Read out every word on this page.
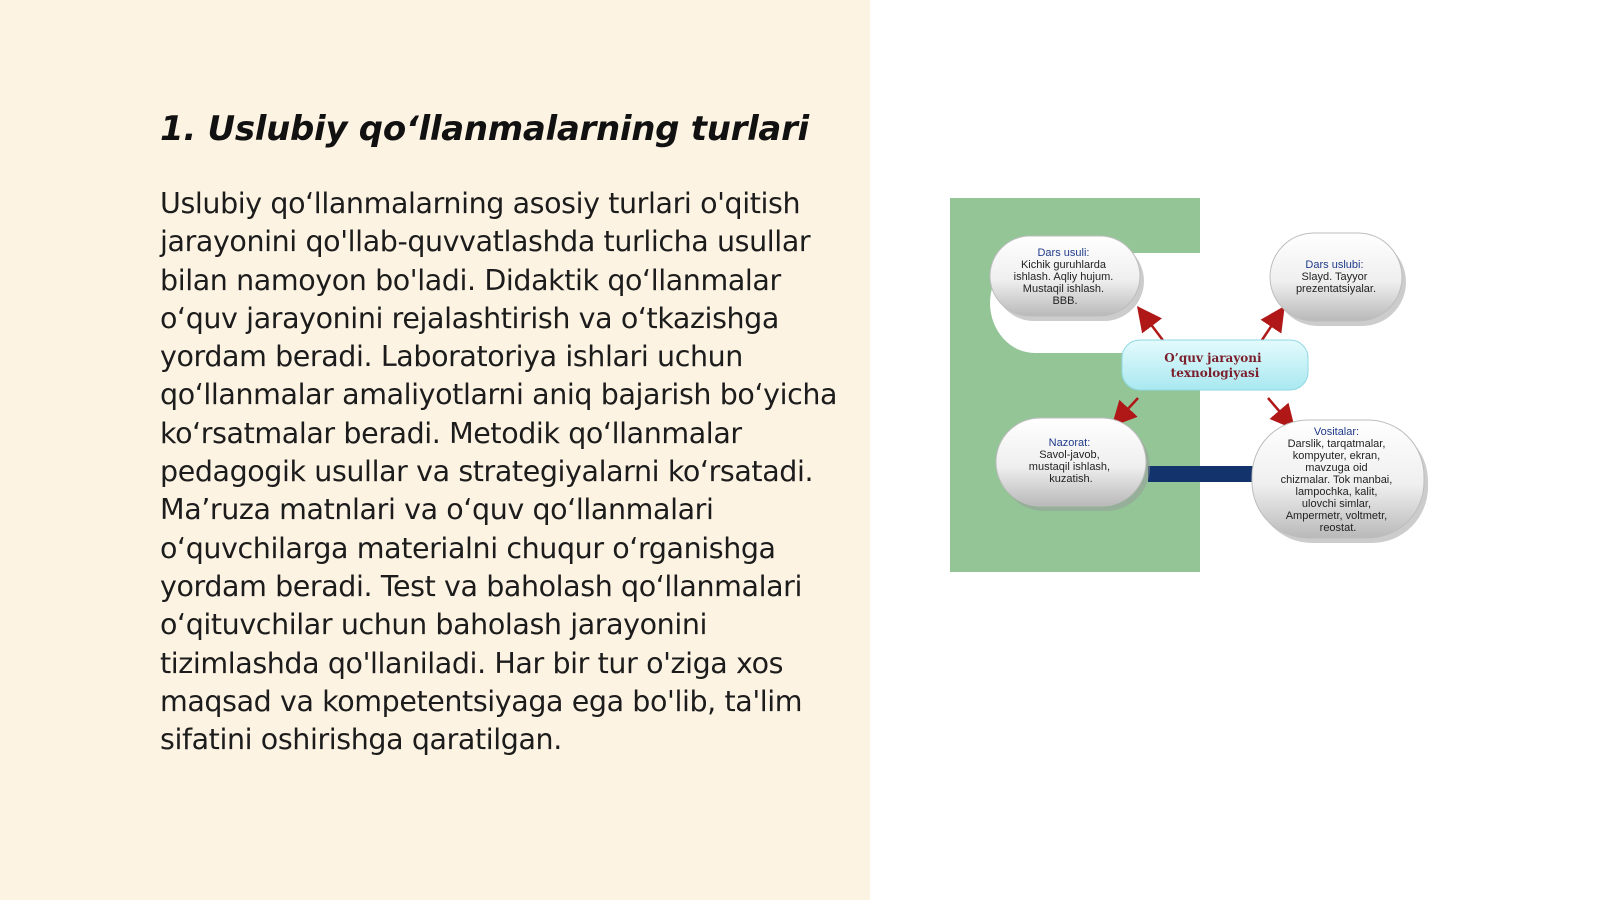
1. Uslubiy qo‘llanmalarning turlari

Uslubiy qo‘llanmalarning asosiy turlari o'qitish jarayonini qo'llab-quvvatlashda turlicha usullar bilan namoyon bo'ladi. Didaktik qo‘llanmalar o‘quv jarayonini rejalashtirish va o‘tkazishga yordam beradi. Laboratoriya ishlari uchun qo‘llanmalar amaliyotlarni aniq bajarish bo‘yicha ko‘rsatmalar beradi. Metodik qo‘llanmalar pedagogik usullar va strategiyalarni ko‘rsatadi. Ma’ruza matnlari va o‘quv qo‘llanmalari o‘quvchilarga materialni chuqur o‘rganishga yordam beradi. Test va baholash qo‘llanmalari o‘qituvchilar uchun baholash jarayonini tizimlashda qo'llaniladi. Har bir tur o'ziga xos maqsad va kompetentsiyaga ega bo'lib, ta'lim sifatini oshirishga qaratilgan.

Dars usuli: Kichik guruhlarda ishlash. Aqliy hujum. Mustaqil ishlash. BBB.
Dars uslubi: Slayd. Tayyor prezentatsiyalar.
O’quv jarayoni texnologiyasi
Nazorat: Savol-javob, mustaqil ishlash, kuzatish.
Vositalar: Darslik, tarqatmalar, kompyuter, ekran, mavzuga oid chizmalar. Tok manbai, lampochka, kalit, ulovchi simlar, Ampermetr, voltmetr, reostat.
